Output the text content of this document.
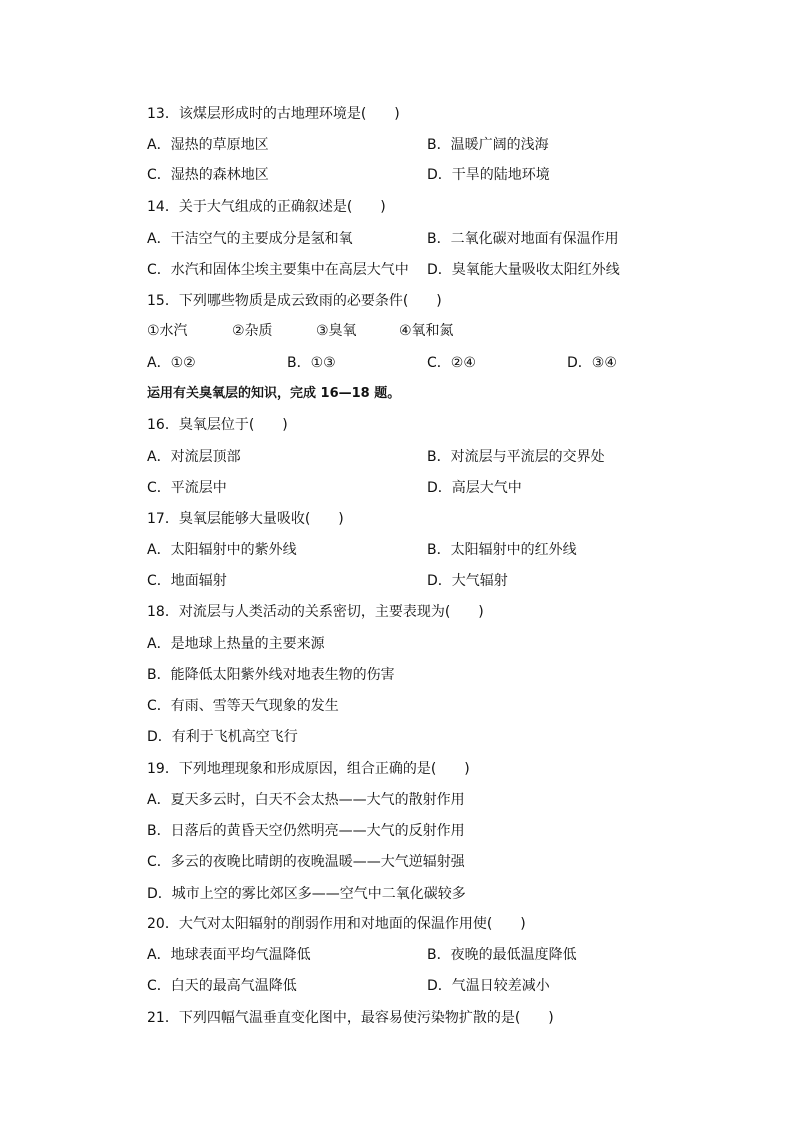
13．该煤层形成时的古地理环境是(　　)
A．湿热的草原地区	B．温暖广阔的浅海
C．湿热的森林地区	D．干旱的陆地环境
14．关于大气组成的正确叙述是(　　)
A．干洁空气的主要成分是氢和氧	B．二氧化碳对地面有保温作用
C．水汽和固体尘埃主要集中在高层大气中 D．臭氧能大量吸收太阳红外线
15．下列哪些物质是成云致雨的必要条件(　　)
①水汽	②杂质	③臭氧	④氧和氮
A．①②	B．①③	C．②④	D．③④
运用有关臭氧层的知识，完成 16—18 题。
16．臭氧层位于(　　)
A．对流层顶部	B．对流层与平流层的交界处
C．平流层中	D．高层大气中
17．臭氧层能够大量吸收(　　)
A．太阳辐射中的紫外线	B．太阳辐射中的红外线
C．地面辐射	D．大气辐射
18．对流层与人类活动的关系密切，主要表现为(　　)
A．是地球上热量的主要来源
B．能降低太阳紫外线对地表生物的伤害
C．有雨、雪等天气现象的发生
D．有利于飞机高空飞行
19．下列地理现象和形成原因，组合正确的是(　　)
A．夏天多云时，白天不会太热——大气的散射作用
B．日落后的黄昏天空仍然明亮——大气的反射作用
C．多云的夜晚比晴朗的夜晚温暖——大气逆辐射强
D．城市上空的雾比郊区多——空气中二氧化碳较多
20．大气对太阳辐射的削弱作用和对地面的保温作用使(　　)
A．地球表面平均气温降低	B．夜晚的最低温度降低
C．白天的最高气温降低	D．气温日较差减小
21．下列四幅气温垂直变化图中，最容易使污染物扩散的是(　　)
